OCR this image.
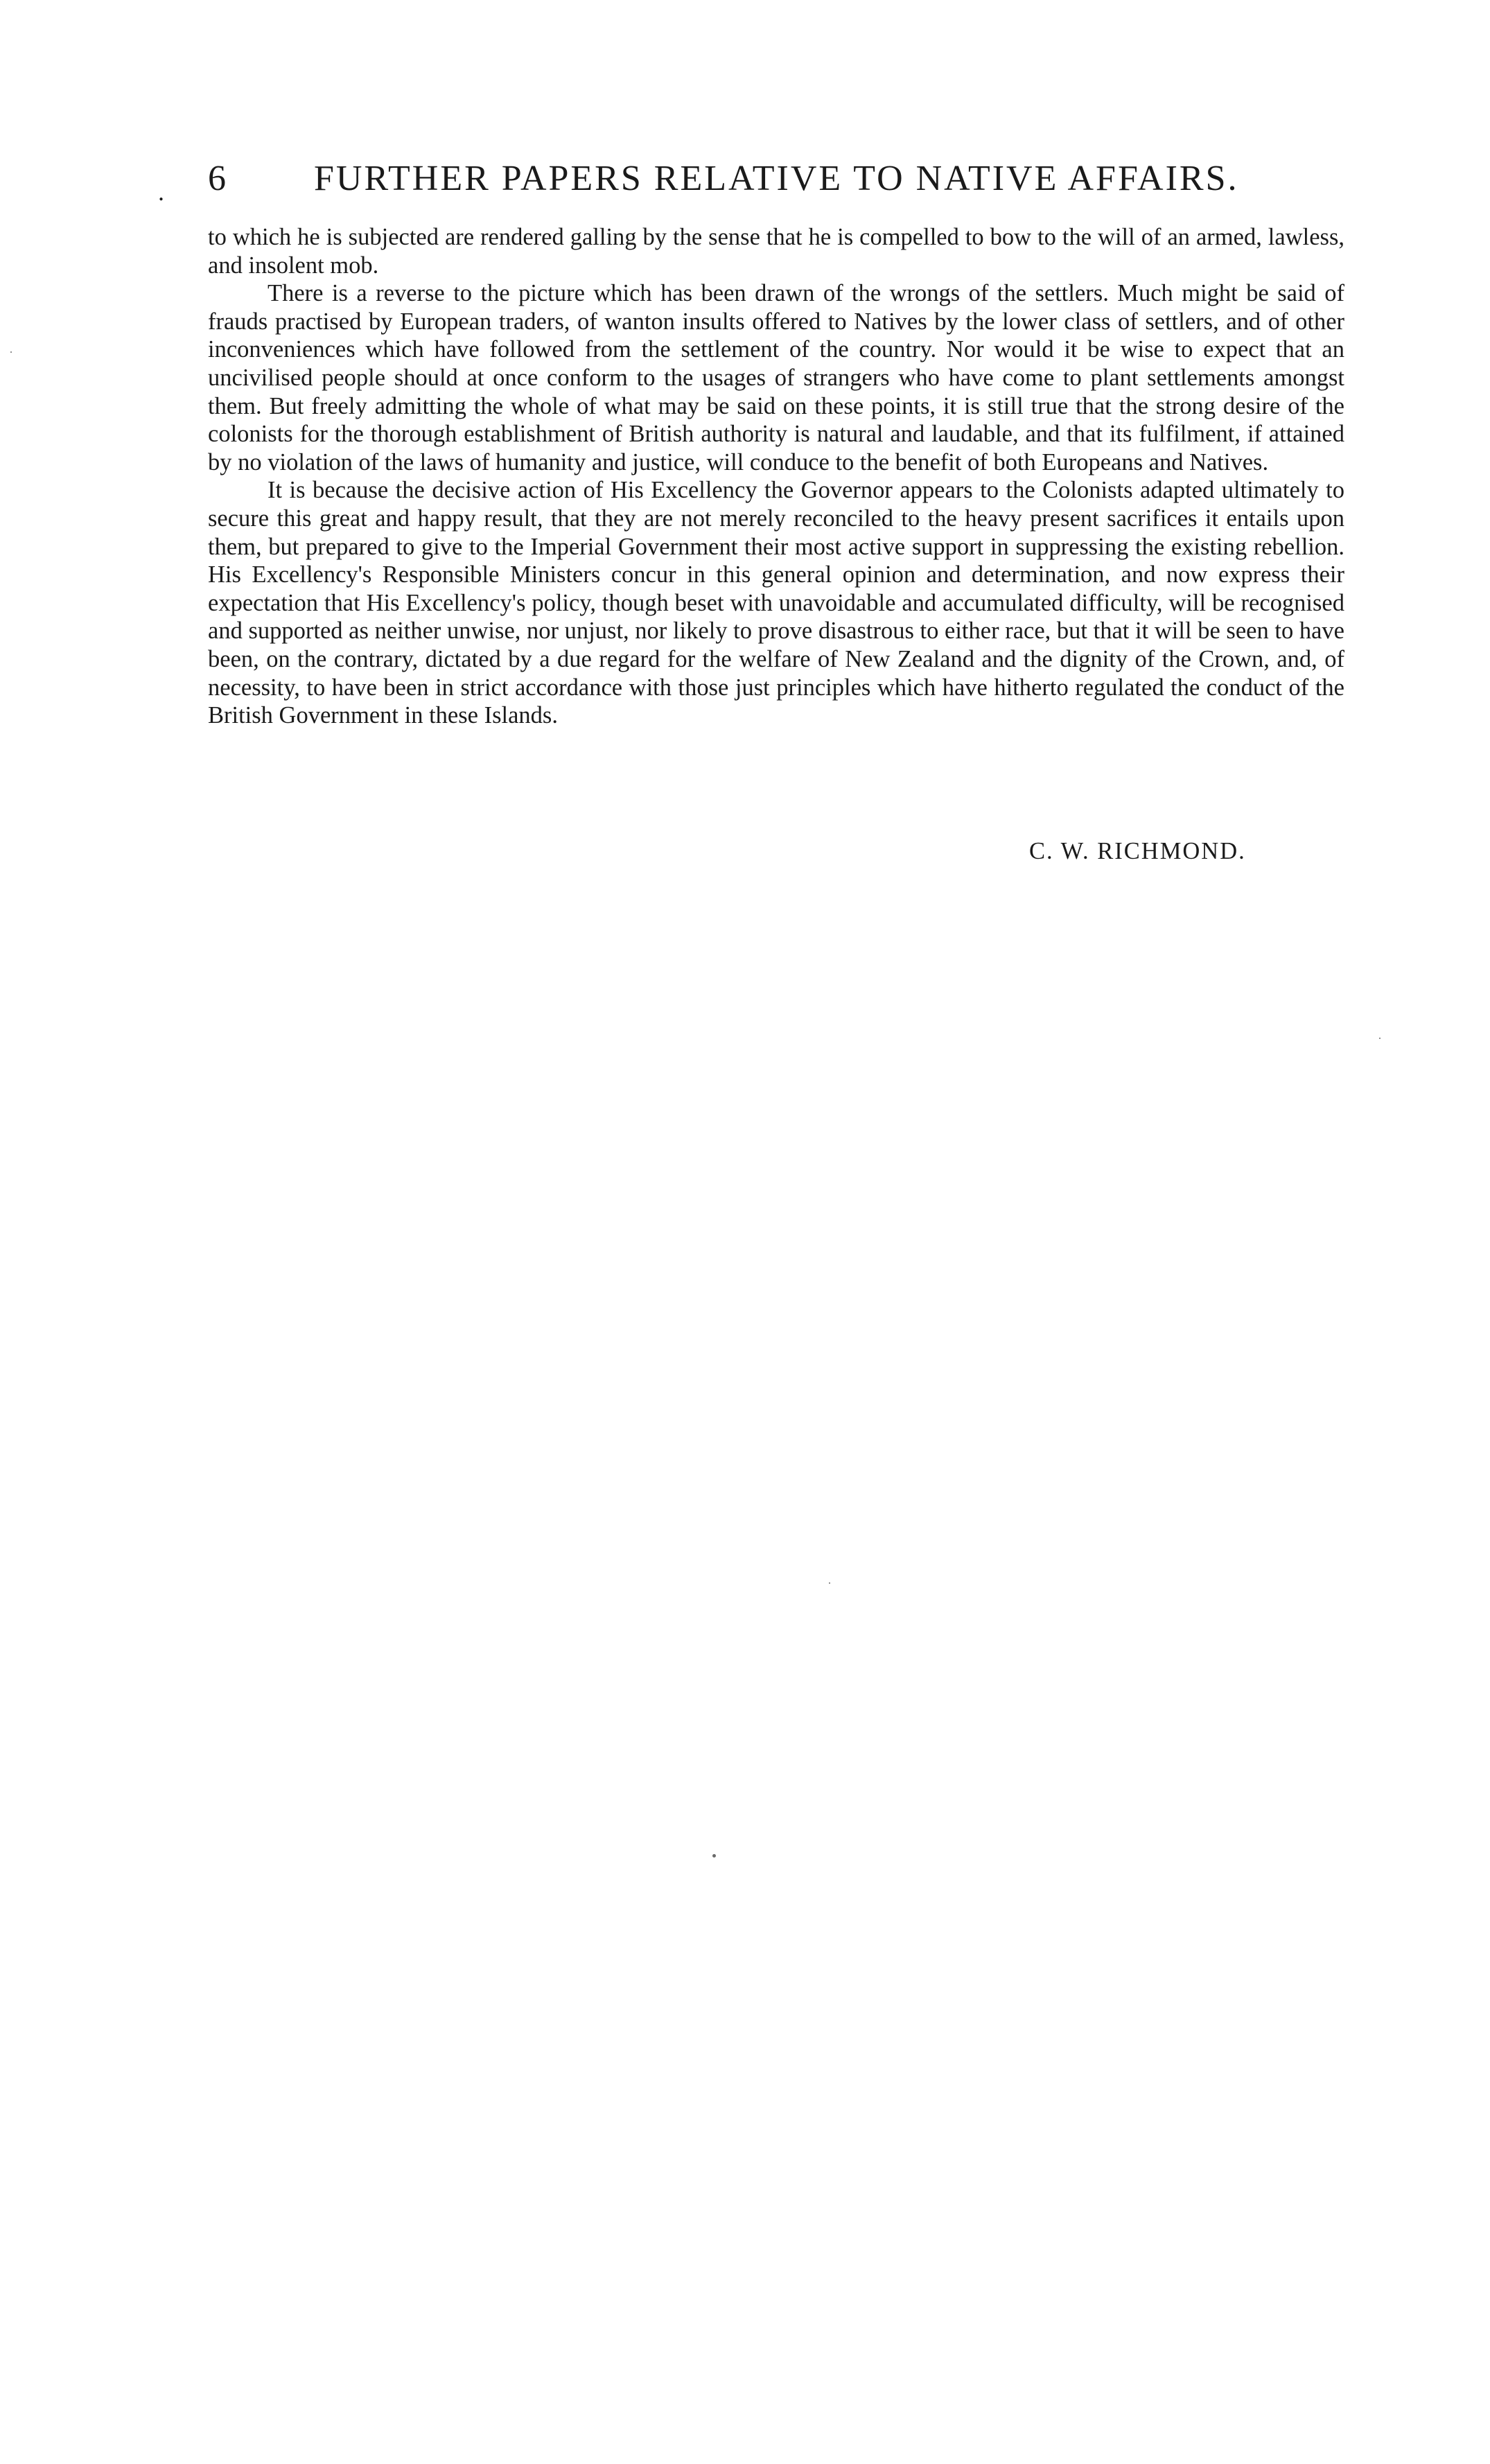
. 6 FURTHER PAPERS RELATIVE TO NATIVE AFFAIRS.

to which he is subjected are rendered galling by the sense that he is compelled to bow to the will of an armed, lawless, and insolent mob.

There is a reverse to the picture which has been drawn of the wrongs of the settlers. Much might be said of frauds practised by European traders, of wanton insults offered to Natives by the lower class of settlers, and of other inconveniences which have followed from the settlement of the country. Nor would it be wise to expect that an uncivilised people should at once conform to the usages of strangers who have come to plant settlements amongst them. But freely admitting the whole of what may be said on these points, it is still true that the strong desire of the colonists for the thorough establishment of British authority is natural and laudable, and that its fulfilment, if attained by no violation of the laws of humanity and justice, will conduce to the benefit of both Europeans and Natives.

It is because the decisive action of His Excellency the Governor appears to the Colonists adapted ultimately to secure this great and happy result, that they are not merely reconciled to the heavy present sacrifices it entails upon them, but prepared to give to the Imperial Government their most active support in suppressing the existing rebellion. His Excellency's Responsible Ministers concur in this general opinion and determination, and now express their expectation that His Excellency's policy, though beset with unavoidable and accumulated difficulty, will be recognised and supported as neither unwise, nor unjust, nor likely to prove disastrous to either race, but that it will be seen to have been, on the contrary, dictated by a due regard for the welfare of New Zealand and the dignity of the Crown, and, of necessity, to have been in strict accordance with those just principles which have hitherto regulated the conduct of the British Government in these Islands.

C. W. RICHMOND.
